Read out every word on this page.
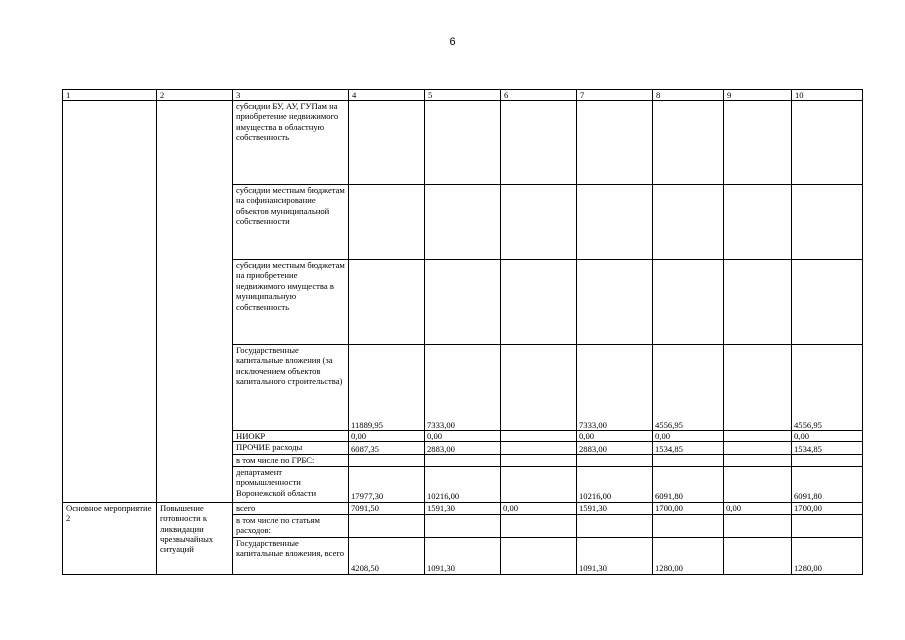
6
1	2	3	4	5	6	7	8	9	10
		субсидии БУ, АУ, ГУПам на приобретение недвижимого имущества в областную собственность							
		субсидии местным бюджетам на софинансирование объектов муниципальной собственности							
		субсидии местным бюджетам на приобретение недвижимого имущества в муниципальную собственность							
		Государственные капитальные вложения (за исключением объектов капитального строительства)	11889,95	7333,00		7333,00	4556,95		4556,95
		НИОКР	0,00	0,00		0,00	0,00		0,00
		ПРОЧИЕ расходы	6087,35	2883,00		2883,00	1534,85		1534,85
		в том числе по ГРБС:							
		департамент промышленности Воронежской области	17977,30	10216,00		10216,00	6091,80		6091,80
Основное мероприятие 2	Повышение готовности к ликвидации чрезвычайных ситуаций	всего	7091,50	1591,30	0,00	1591,30	1700,00	0,00	1700,00
		в том числе по статьям расходов:							
		Государственные капитальные вложения, всего	4208,50	1091,30		1091,30	1280,00		1280,00
